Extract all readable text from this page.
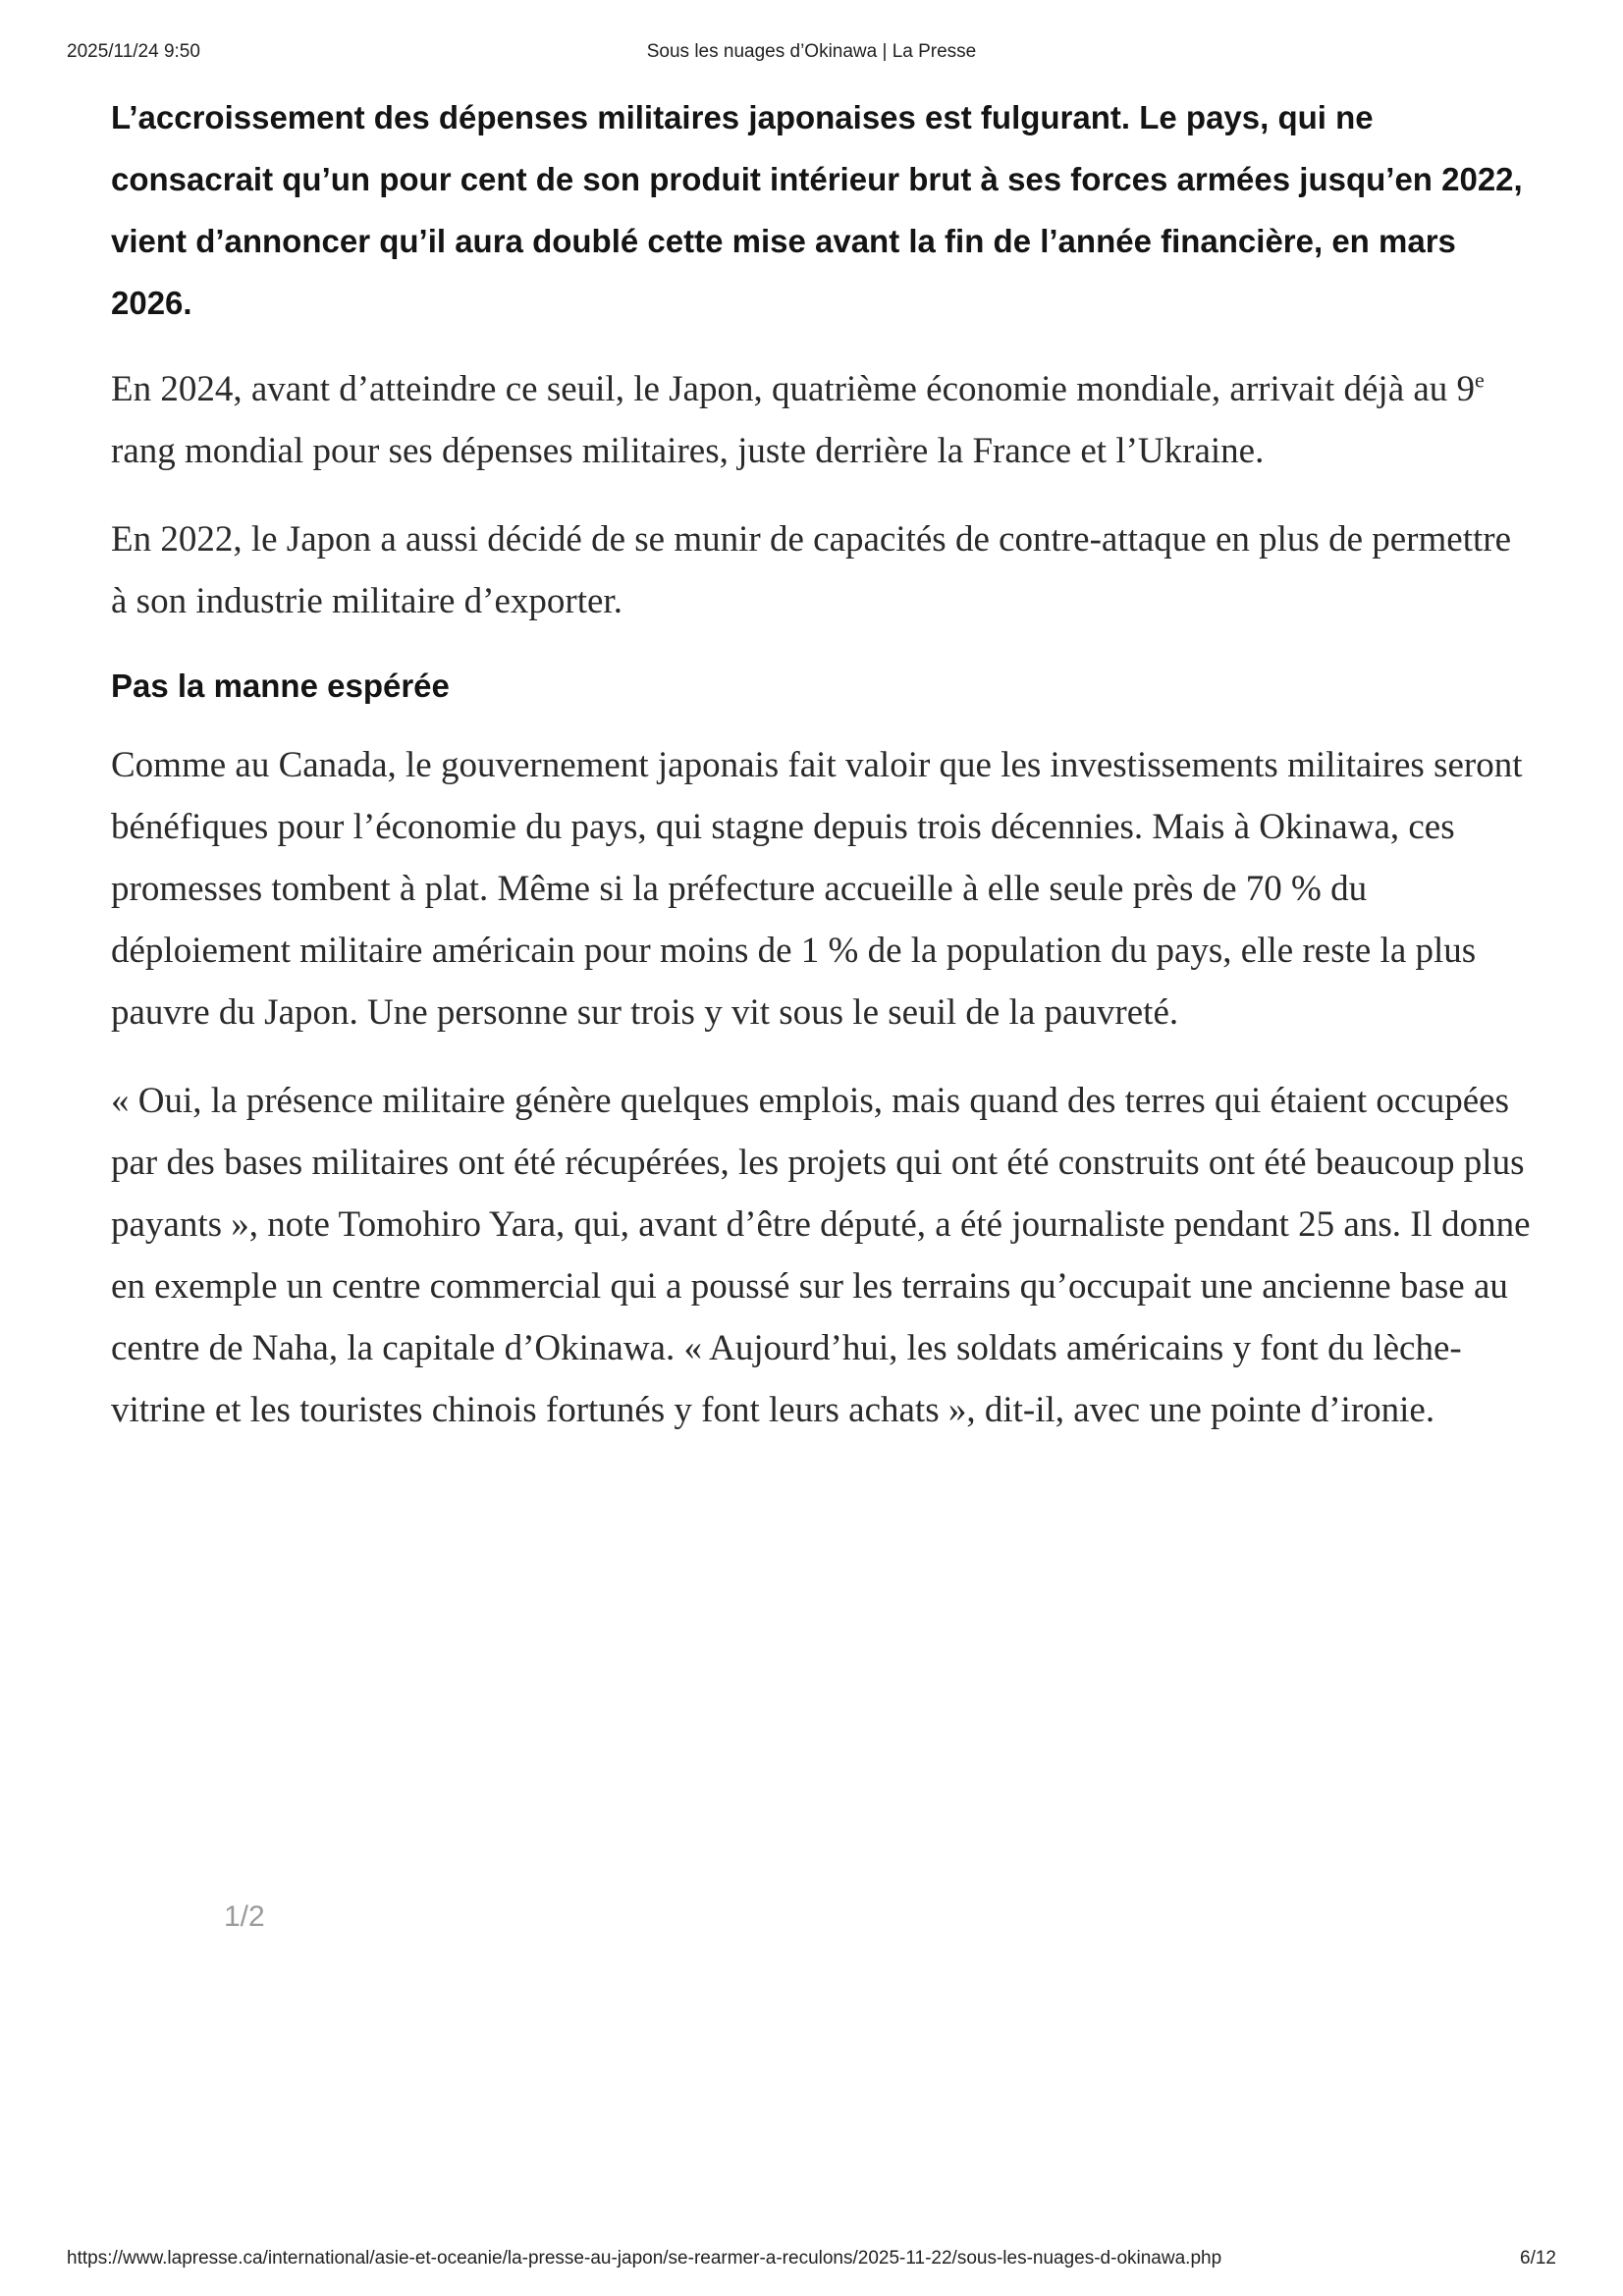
Sous les nuages d’Okinawa | La Presse
2025/11/24 9:50

L’accroissement des dépenses militaires japonaises est fulgurant. Le pays, qui ne consacrait qu’un pour cent de son produit intérieur brut à ses forces armées jusqu’en 2022, vient d’annoncer qu’il aura doublé cette mise avant la fin de l’année financière, en mars 2026.

En 2024, avant d’atteindre ce seuil, le Japon, quatrième économie mondiale, arrivait déjà au 9e rang mondial pour ses dépenses militaires, juste derrière la France et l’Ukraine.

En 2022, le Japon a aussi décidé de se munir de capacités de contre-attaque en plus de permettre à son industrie militaire d’exporter.

Pas la manne espérée

Comme au Canada, le gouvernement japonais fait valoir que les investissements militaires seront bénéfiques pour l’économie du pays, qui stagne depuis trois décennies. Mais à Okinawa, ces promesses tombent à plat. Même si la préfecture accueille à elle seule près de 70 % du déploiement militaire américain pour moins de 1 % de la population du pays, elle reste la plus pauvre du Japon. Une personne sur trois y vit sous le seuil de la pauvreté.

« Oui, la présence militaire génère quelques emplois, mais quand des terres qui étaient occupées par des bases militaires ont été récupérées, les projets qui ont été construits ont été beaucoup plus payants », note Tomohiro Yara, qui, avant d’être député, a été journaliste pendant 25 ans. Il donne en exemple un centre commercial qui a poussé sur les terrains qu’occupait une ancienne base au centre de Naha, la capitale d’Okinawa. « Aujourd’hui, les soldats américains y font du lèche-vitrine et les touristes chinois fortunés y font leurs achats », dit-il, avec une pointe d’ironie.

1/2
https://www.lapresse.ca/international/asie-et-oceanie/la-presse-au-japon/se-rearmer-a-reculons/2025-11-22/sous-les-nuages-d-okinawa.php	6/12
